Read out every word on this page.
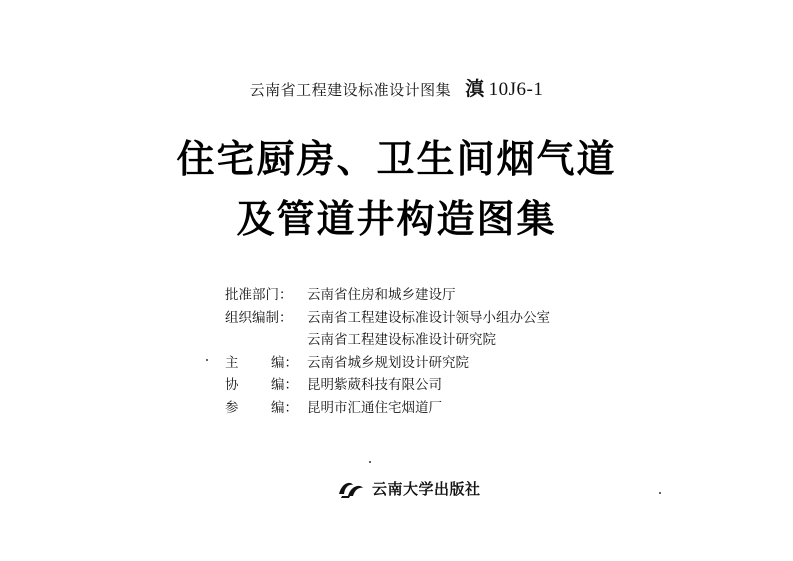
云南省工程建设标准设计图集 滇 10J6-1
住宅厨房、卫生间烟气道
及管道井构造图集
批准部门：	云南省住房和城乡建设厅
组织编制：	云南省工程建设标准设计领导小组办公室
云南省工程建设标准设计研究院
主    编： 云南省城乡规划设计研究院
协    编： 昆明紫葳科技有限公司
参    编： 昆明市汇通住宅烟道厂
云南大学出版社
